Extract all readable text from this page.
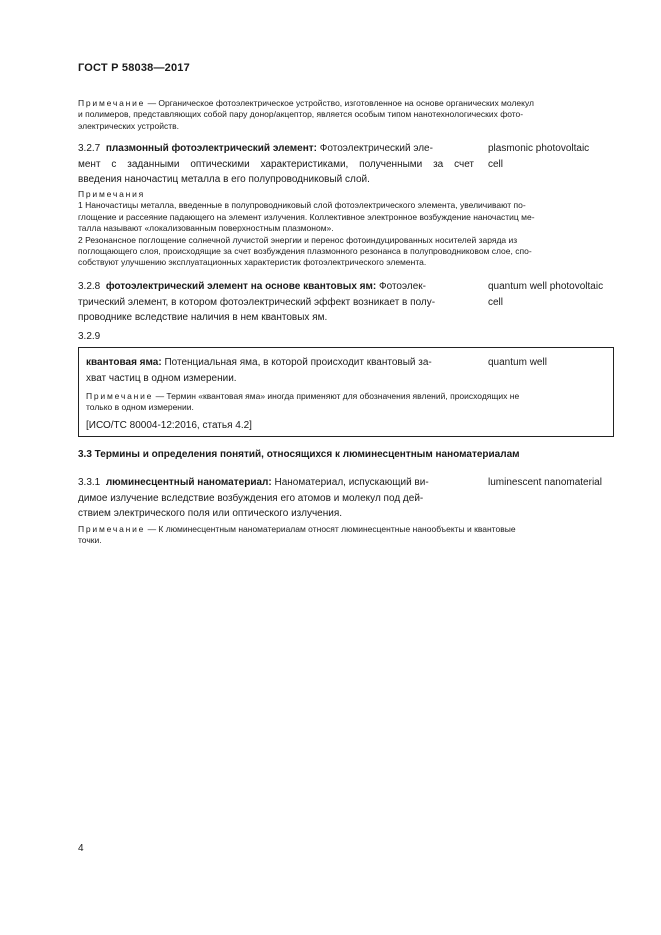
ГОСТ Р 58038—2017
Примечание — Органическое фотоэлектрическое устройство, изготовленное на основе органических молекул
и полимеров, представляющих собой пару донор/акцептор, является особым типом нанотехнологических фото-
электрических устройств.
3.2.7 плазмонный фотоэлектрический элемент: Фотоэлектрический эле-
мент с заданными оптическими характеристиками, полученными за счет
введения наночастиц металла в его полупроводниковый слой.
plasmonic photovoltaic
cell
Примечания
1 Наночастицы металла, введенные в полупроводниковый слой фотоэлектрического элемента, увеличивают по-
глощение и рассеяние падающего на элемент излучения. Коллективное электронное возбуждение наночастиц ме-
талла называют «локализованным поверхностным плазмоном».
2 Резонансное поглощение солнечной лучистой энергии и перенос фотоиндуцированных носителей заряда из
поглощающего слоя, происходящие за счет возбуждения плазмонного резонанса в полупроводниковом слое, спо-
собствуют улучшению эксплуатационных характеристик фотоэлектрического элемента.
3.2.8 фотоэлектрический элемент на основе квантовых ям: Фотоэлек-
трический элемент, в котором фотоэлектрический эффект возникает в полу-
проводнике вследствие наличия в нем квантовых ям.
quantum well photovoltaic
cell
3.2.9
квантовая яма: Потенциальная яма, в которой происходит квантовый за-
хват частиц в одном измерении.
quantum well
Примечание — Термин «квантовая яма» иногда применяют для обозначения явлений, происходящих не
только в одном измерении.
[ИСО/ТС 80004-12:2016, статья 4.2]
3.3 Термины и определения понятий, относящихся к люминесцентным наноматериалам
3.3.1 люминесцентный наноматериал: Наноматериал, испускающий ви-
димое излучение вследствие возбуждения его атомов и молекул под дей-
ствием электрического поля или оптического излучения.
luminescent nanomaterial
Примечание — К люминесцентным наноматериалам относят люминесцентные нанообъекты и квантовые
точки.
4
